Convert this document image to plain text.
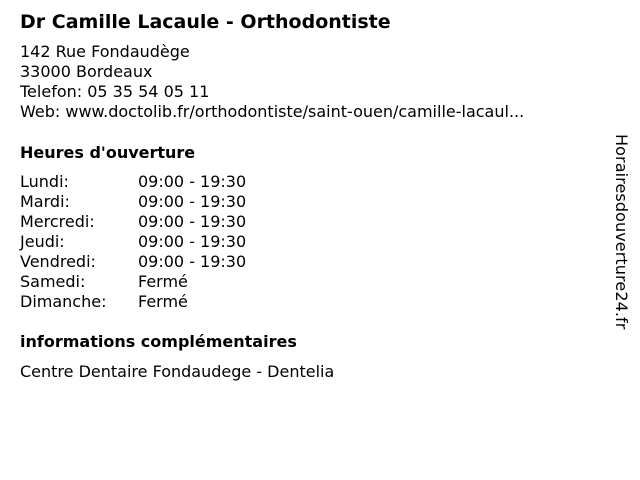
Dr Camille Lacaule - Orthodontiste
142 Rue Fondaudège
33000 Bordeaux
Telefon: 05 35 54 05 11
Web: www.doctolib.fr/orthodontiste/saint-ouen/camille-lacaul...
Heures d'ouverture
Lundi:	09:00 - 19:30
Mardi:	09:00 - 19:30
Mercredi:	09:00 - 19:30
Jeudi:	09:00 - 19:30
Vendredi:	09:00 - 19:30
Samedi:	Fermé
Dimanche:	Fermé
informations complémentaires
Centre Dentaire Fondaudege - Dentelia
Horairesdouverture24.fr
